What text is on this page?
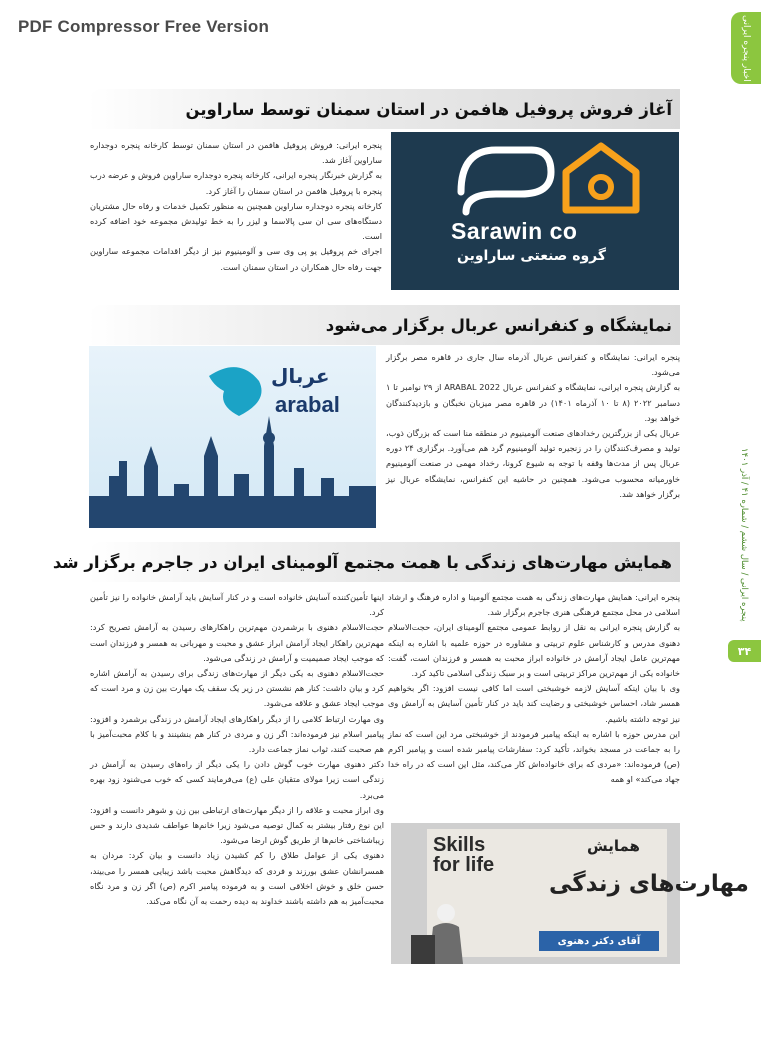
PDF Compressor Free Version	اخبار پنجره ایرانی
پنجره ایرانی / سال ششم / شماره ۴۱ / آذر ۱۴۰۱
۳۴
آغاز فروش پروفیل هافمن در استان سمنان توسط ساراوین
Sarawin co
گروه صنعتی ساراوین

پنجره ایرانی: فروش پروفیل هافمن در استان سمنان توسط کارخانه پنجره دوجداره ساراوین آغاز شد.

به گزارش خبرنگار پنجره ایرانی، کارخانه پنجره دوجداره ساراوین فروش و عرضه درب پنجره با پروفیل هافمن در استان سمنان را آغاز کرد.

کارخانه پنجره دوجداره ساراوین همچنین به منظور تکمیل خدمات و رفاه حال مشتریان دستگاه‌های سی ان سی پالاسما و لیزر را به خط تولیدش مجموعه خود اضافه کرده است.

اجرای خم پروفیل یو پی وی سی و آلومینیوم نیز از دیگر اقدامات مجموعه ساراوین جهت رفاه حال همکاران در استان سمنان است.

نمایشگاه و کنفرانس عربال برگزار می‌شود
عربال
arabal

پنجره ایرانی: نمایشگاه و کنفرانس عربال آذرماه سال جاری در قاهره مصر برگزار می‌شود.

به گزارش پنجره ایرانی، نمایشگاه و کنفرانس عربال ARABAL 2022 از ۲۹ نوامبر تا ۱ دسامبر ۲۰۲۲ (۸ تا ۱۰ آذرماه ۱۴۰۱) در قاهره مصر میزبان نخبگان و بازدیدکنندگان خواهد بود.

عربال یکی از بزرگترین رخدادهای صنعت آلومینیوم در منطقه منا است که بزرگان ذوب، تولید و مصرف‌کنندگان را در زنجیره تولید آلومینیوم گرد هم می‌آورد. برگزاری ۲۴ دوره عربال پس از مدت‌ها وقفه با توجه به شیوع کرونا، رخداد مهمی در صنعت آلومینیوم خاورمیانه محسوب می‌شود. همچنین در حاشیه این کنفرانس، نمایشگاه عربال نیز برگزار خواهد شد.

همایش مهارت‌های زندگی با همت مجتمع آلومینای ایران در جاجرم برگزار شد

پنجره ایرانی: همایش مهارت‌های زندگی به همت مجتمع آلومینا و اداره فرهنگ و ارشاد اسلامی در محل مجتمع فرهنگی هنری جاجرم برگزار شد.

به گزارش پنجره ایرانی به نقل از روابط عمومی مجتمع آلومینای ایران، حجت‌الاسلام دهنوی مدرس و کارشناس علوم تربیتی و مشاوره در حوزه علمیه با اشاره به اینکه مهم‌ترین عامل ایجاد آرامش در خانواده ابراز محبت به همسر و فرزندان است، گفت: خانواده یکی از مهم‌ترین مراکز تربیتی است و بر سبک زندگی اسلامی تاکید کرد.

وی با بیان اینکه آسایش لازمه خوشبختی است اما کافی نیست افزود: اگر بخواهیم همسر شاد، احساس خوشبختی و رضایت کند باید در کنار تأمین آسایش به آرامش وی نیز توجه داشته باشیم.

این مدرس حوزه با اشاره به اینکه پیامبر فرمودند از خوشبختی مرد این است که نماز را به جماعت در مسجد بخواند، تأکید کرد: سفارشات پیامبر شده است و پیامبر اکرم (ص) فرموده‌اند: «مردی که برای خانواده‌اش کار می‌کند، مثل این است که در راه خدا جهاد می‌کند» او همه

Skills
for life
همایش
مهارت‌های زندگی
آقای دکتر دهنوی

اینها تأمین‌کننده آسایش خانواده است و در کنار آسایش باید آرامش خانواده را نیز تأمین کرد.

حجت‌الاسلام دهنوی با برشمردن مهم‌ترین راهکارهای رسیدن به آرامش تصریح کرد: مهم‌ترین راهکار ایجاد آرامش ابراز عشق و محبت و مهربانی به همسر و فرزندان است که موجب ایجاد صمیمیت و آرامش در زندگی می‌شود.

حجت‌الاسلام دهنوی به یکی دیگر از مهارت‌های زندگی برای رسیدن به آرامش اشاره کرد و بیان داشت: کنار هم نشستن در زیر یک سقف یک مهارت بین زن و مرد است که موجب ایجاد عشق و علاقه می‌شود.

وی مهارت ارتباط کلامی را از دیگر راهکارهای ایجاد آرامش در زندگی برشمرد و افزود: پیامبر اسلام نیز فرموده‌اند: اگر زن و مردی در کنار هم بنشینند و با کلام محبت‌آمیز با هم صحبت کنند، ثواب نماز جماعت دارد.

دکتر دهنوی مهارت خوب گوش دادن را یکی دیگر از راه‌های رسیدن به آرامش در زندگی است زیرا مولای متقیان علی (ع) می‌فرمایند کسی که خوب می‌شنود زود بهره می‌برد.

وی ابراز محبت و علاقه را از دیگر مهارت‌های ارتباطی بین زن و شوهر دانست و افزود: این نوع رفتار بیشتر به کمال توصیه می‌شود زیرا خانم‌ها عواطف شدیدی دارند و حس زیباشناختی خانم‌ها از طریق گوش ارضا می‌شود.

دهنوی یکی از عوامل طلاق را کم کشیدن زیاد دانست و بیان کرد: مردان به همسرانشان عشق بورزند و فردی که دیدگاهش محبت باشد زیبایی همسر را می‌بیند، حسن خلق و خوش اخلاقی است و به فرموده پیامبر اکرم (ص) اگر زن و مرد نگاه محبت‌آمیز به هم داشته باشند خداوند به دیده رحمت به آن نگاه می‌کند.
